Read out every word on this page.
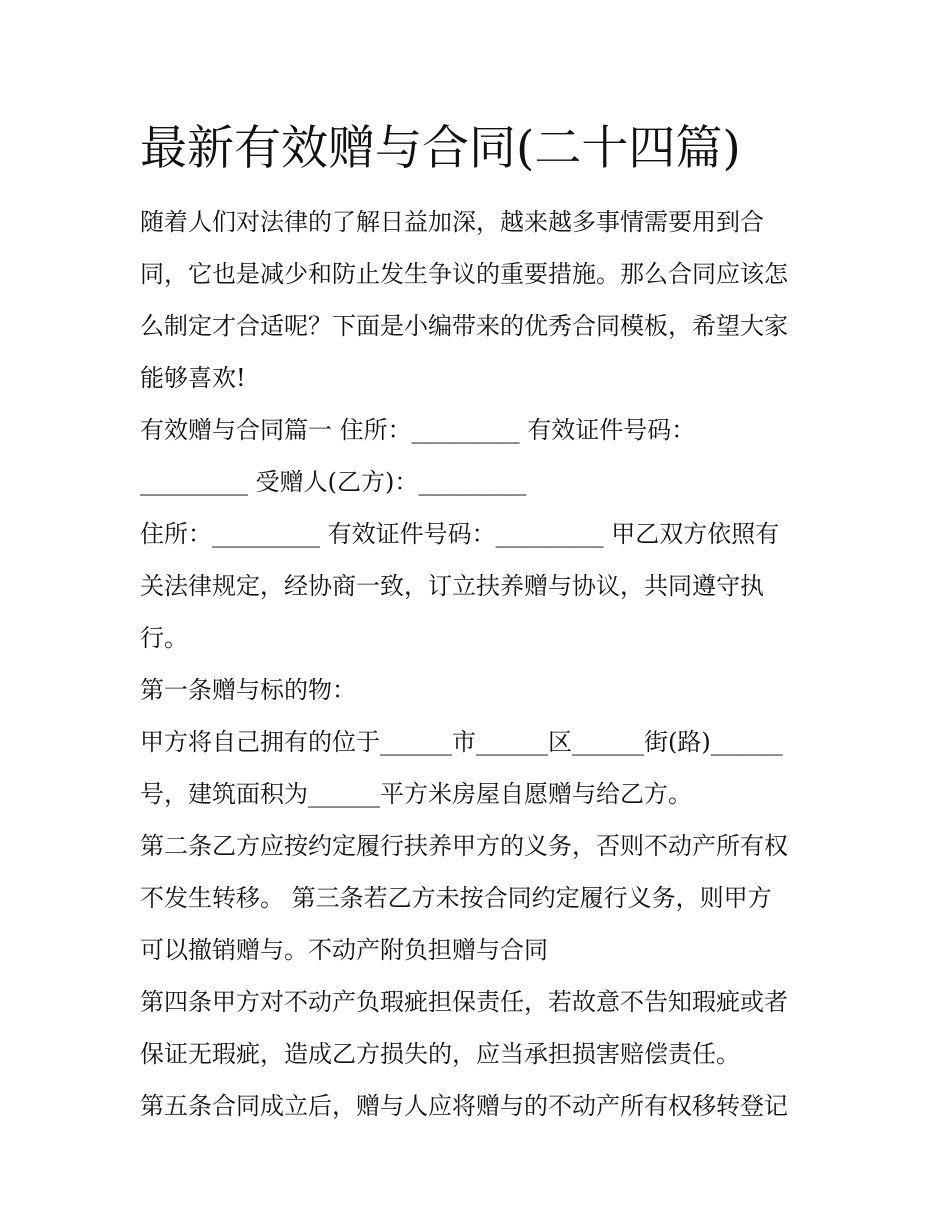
最新有效赠与合同(二十四篇)
随着人们对法律的了解日益加深，越来越多事情需要用到合
同，它也是减少和防止发生争议的重要措施。那么合同应该怎
么制定才合适呢？下面是小编带来的优秀合同模板，希望大家
能够喜欢!
有效赠与合同篇一 住所：_________ 有效证件号码：
_________ 受赠人(乙方)：_________
住所：_________ 有效证件号码：_________ 甲乙双方依照有
关法律规定，经协商一致，订立扶养赠与协议，共同遵守执
行。
第一条赠与标的物：
甲方将自己拥有的位于______市______区______街(路)______
号，建筑面积为______平方米房屋自愿赠与给乙方。
第二条乙方应按约定履行扶养甲方的义务，否则不动产所有权
不发生转移。 第三条若乙方未按合同约定履行义务，则甲方
可以撤销赠与。不动产附负担赠与合同
第四条甲方对不动产负瑕疵担保责任，若故意不告知瑕疵或者
保证无瑕疵，造成乙方损失的，应当承担损害赔偿责任。
第五条合同成立后，赠与人应将赠与的不动产所有权移转登记
